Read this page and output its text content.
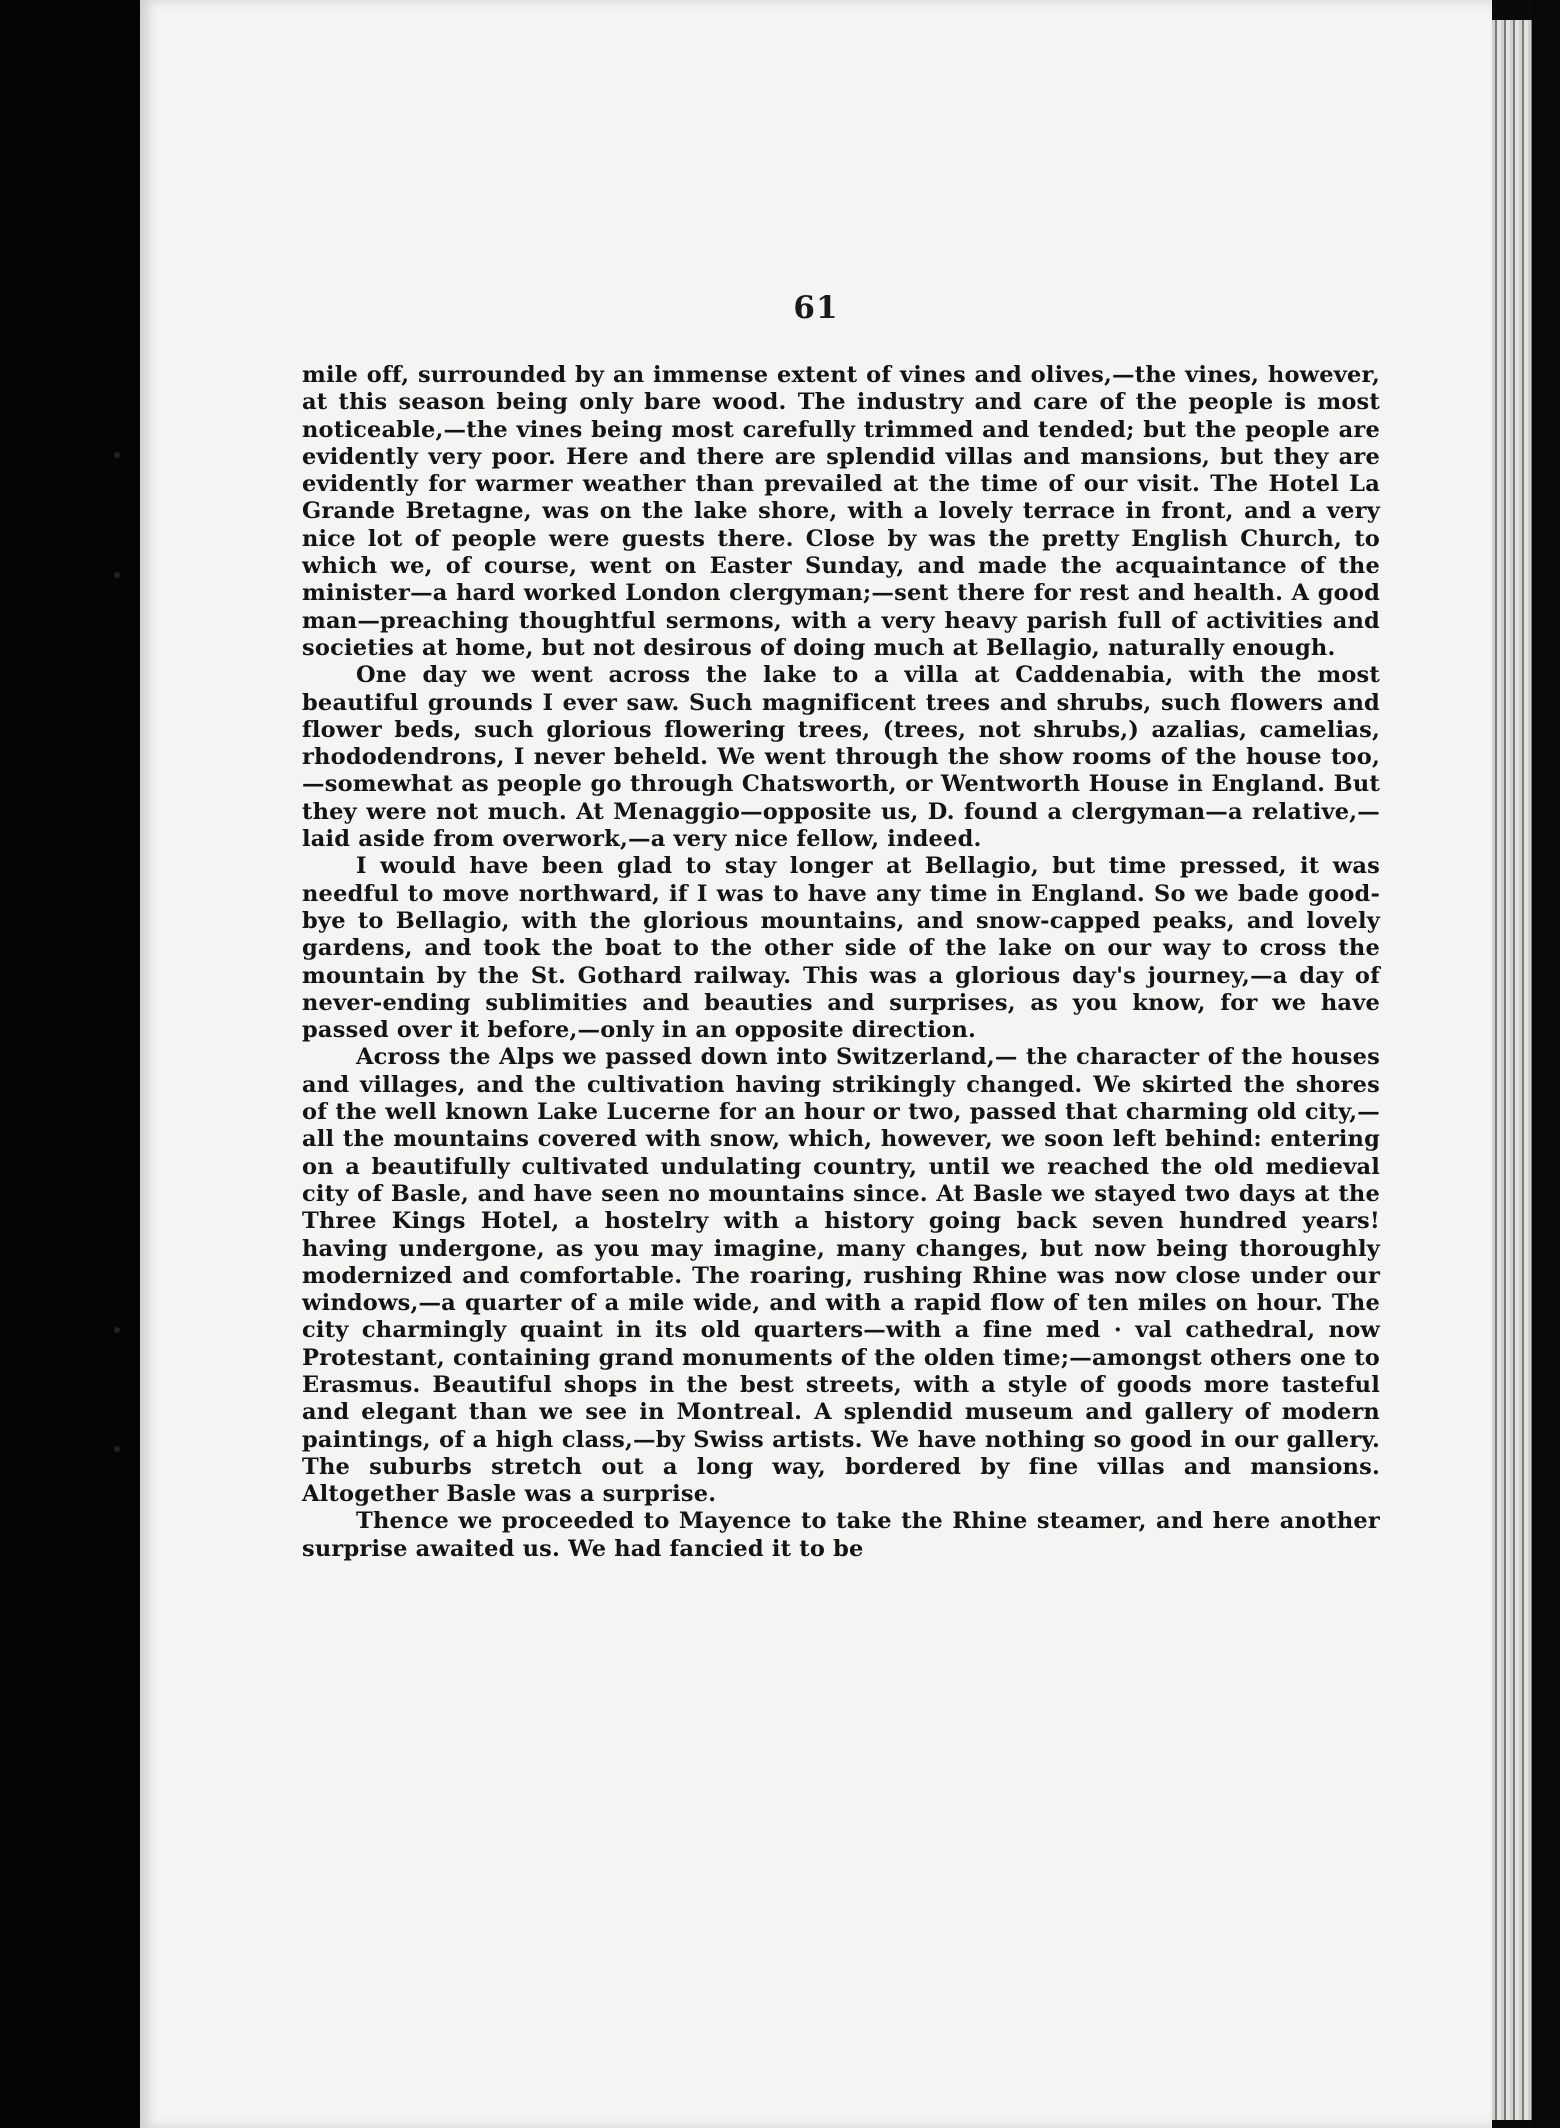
61

mile off, surrounded by an immense extent of vines and olives,—the vines, however, at this season being only bare wood. The industry and care of the people is most noticeable,—the vines being most carefully trimmed and tended; but the people are evidently very poor. Here and there are splendid villas and mansions, but they are evidently for warmer weather than prevailed at the time of our visit. The Hotel La Grande Bretagne, was on the lake shore, with a lovely terrace in front, and a very nice lot of people were guests there. Close by was the pretty English Church, to which we, of course, went on Easter Sunday, and made the acquaintance of the minister—a hard worked London clergyman;—sent there for rest and health. A good man—preaching thoughtful sermons, with a very heavy parish full of activities and societies at home, but not desirous of doing much at Bellagio, naturally enough.

One day we went across the lake to a villa at Caddenabia, with the most beautiful grounds I ever saw. Such magnificent trees and shrubs, such flowers and flower beds, such glorious flowering trees, (trees, not shrubs,) azalias, camelias, rhododendrons, I never beheld. We went through the show rooms of the house too,—somewhat as people go through Chatsworth, or Wentworth House in England. But they were not much. At Menaggio—opposite us, D. found a clergyman—a relative,—laid aside from overwork,—a very nice fellow, indeed.

I would have been glad to stay longer at Bellagio, but time pressed, it was needful to move northward, if I was to have any time in England. So we bade good-bye to Bellagio, with the glorious mountains, and snow-capped peaks, and lovely gardens, and took the boat to the other side of the lake on our way to cross the mountain by the St. Gothard railway. This was a glorious day's journey,—a day of never-ending sublimities and beauties and surprises, as you know, for we have passed over it before,—only in an opposite direction.

Across the Alps we passed down into Switzerland,— the character of the houses and villages, and the cultivation having strikingly changed. We skirted the shores of the well known Lake Lucerne for an hour or two, passed that charming old city,—all the mountains covered with snow, which, however, we soon left behind: entering on a beautifully cultivated undulating country, until we reached the old medieval city of Basle, and have seen no mountains since. At Basle we stayed two days at the Three Kings Hotel, a hostelry with a history going back seven hundred years! having undergone, as you may imagine, many changes, but now being thoroughly modernized and comfortable. The roaring, rushing Rhine was now close under our windows,—a quarter of a mile wide, and with a rapid flow of ten miles on hour. The city charmingly quaint in its old quarters—with a fine med · val cathedral, now Protestant, containing grand monuments of the olden time;—amongst others one to Erasmus. Beautiful shops in the best streets, with a style of goods more tasteful and elegant than we see in Montreal. A splendid museum and gallery of modern paintings, of a high class,—by Swiss artists. We have nothing so good in our gallery. The suburbs stretch out a long way, bordered by fine villas and mansions. Altogether Basle was a surprise.

Thence we proceeded to Mayence to take the Rhine steamer, and here another surprise awaited us. We had fancied it to be
